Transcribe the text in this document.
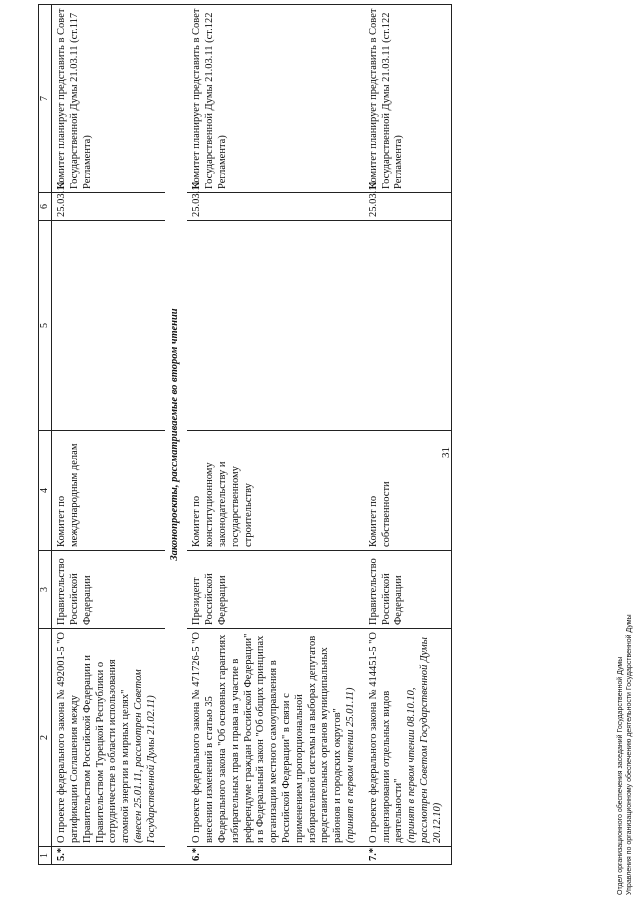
31
1	2	3	4	5	6	7
5.*	О проекте федерального закона № 492001-5 "О ратификации Соглашения между Правительством Российской Федерации и Правительством Турецкой Республики о сотрудничестве в области использования атомной энергии в мирных целях" (внесен 25.01.11, рассмотрен Советом Государственной Думы 21.02.11)	Правительство Российской Федерации	Комитет по международным делам		25.03.11	Комитет планирует представить в Совет Государственной Думы 21.03.11 (ст.117 Регламента)
Законопроекты, рассматриваемые во втором чтении						
6.*	О проекте федерального закона № 471726-5 "О внесении изменений в статью 35 Федерального закона "Об основных гарантиях избирательных прав и права на участие в референдуме граждан Российской Федерации" и в Федеральный закон "Об общих принципах организации местного самоуправления в Российской Федерации" в связи с применением пропорциональной избирательной системы на выборах депутатов представительных органов муниципальных районов и городских округов" (принят в первом чтении 25.01.11)	Президент Российской Федерации	Комитет по конституционному законодательству и государственному строительству		25.03.11	Комитет планирует представить в Совет Государственной Думы 21.03.11 (ст.122 Регламента)
7.*	О проекте федерального закона № 414451-5 "О лицензировании отдельных видов деятельности" (принят в первом чтении 08.10.10, рассмотрен Советом Государственной Думы 20.12.10)	Правительство Российской Федерации	Комитет по собственности		25.03.11	Комитет планирует представить в Совет Государственной Думы 21.03.11 (ст.122 Регламента)
Отдел организационного обеспечения заседаний Государственной Думы Управления по организационному обеспечению деятельности Государственной Думы
